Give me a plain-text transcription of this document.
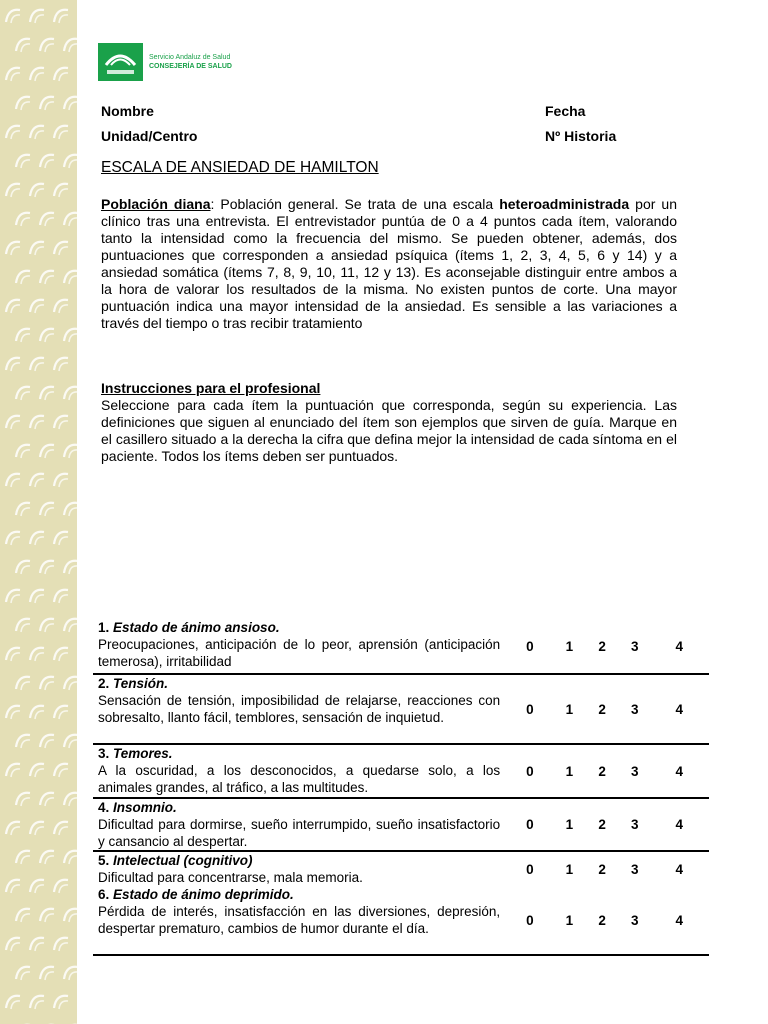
Servicio Andaluz de Salud
CONSEJERÍA DE SALUD
Nombre	Fecha
Unidad/Centro	Nº Historia
ESCALA DE ANSIEDAD DE HAMILTON
Población diana: Población general. Se trata de una escala heteroadministrada por un clínico tras una entrevista. El entrevistador puntúa de 0 a 4 puntos cada ítem, valorando tanto la intensidad como la frecuencia del mismo. Se pueden obtener, además, dos puntuaciones que corresponden a ansiedad psíquica (ítems 1, 2, 3, 4, 5, 6 y 14) y a ansiedad somática (ítems 7, 8, 9, 10, 11, 12 y 13). Es aconsejable distinguir entre ambos a la hora de valorar los resultados de la misma. No existen puntos de corte. Una mayor puntuación indica una mayor intensidad de la ansiedad. Es sensible a las variaciones a través del tiempo o tras recibir tratamiento
Instrucciones para el profesional
Seleccione para cada ítem la puntuación que corresponda, según su experiencia. Las definiciones que siguen al enunciado del ítem son ejemplos que sirven de guía. Marque en el casillero situado a la derecha la cifra que defina mejor la intensidad de cada síntoma en el paciente. Todos los ítems deben ser puntuados.
1. Estado de ánimo ansioso.
Preocupaciones, anticipación de lo peor, aprensión (anticipación temerosa), irritabilidad	0	1	2	3	4
2. Tensión.
Sensación de tensión, imposibilidad de relajarse, reacciones con sobresalto, llanto fácil, temblores, sensación de inquietud.	0	1	2	3	4
3. Temores.
A la oscuridad, a los desconocidos, a quedarse solo, a los animales grandes, al tráfico, a las multitudes.	0	1	2	3	4
4. Insomnio.
Dificultad para dormirse, sueño interrumpido, sueño insatisfactorio y cansancio al despertar.	0	1	2	3	4
5. Intelectual (cognitivo)
Dificultad para concentrarse, mala memoria.	0	1	2	3	4
6. Estado de ánimo deprimido.
Pérdida de interés, insatisfacción en las diversiones, depresión, despertar prematuro, cambios de humor durante el día.	0	1	2	3	4
